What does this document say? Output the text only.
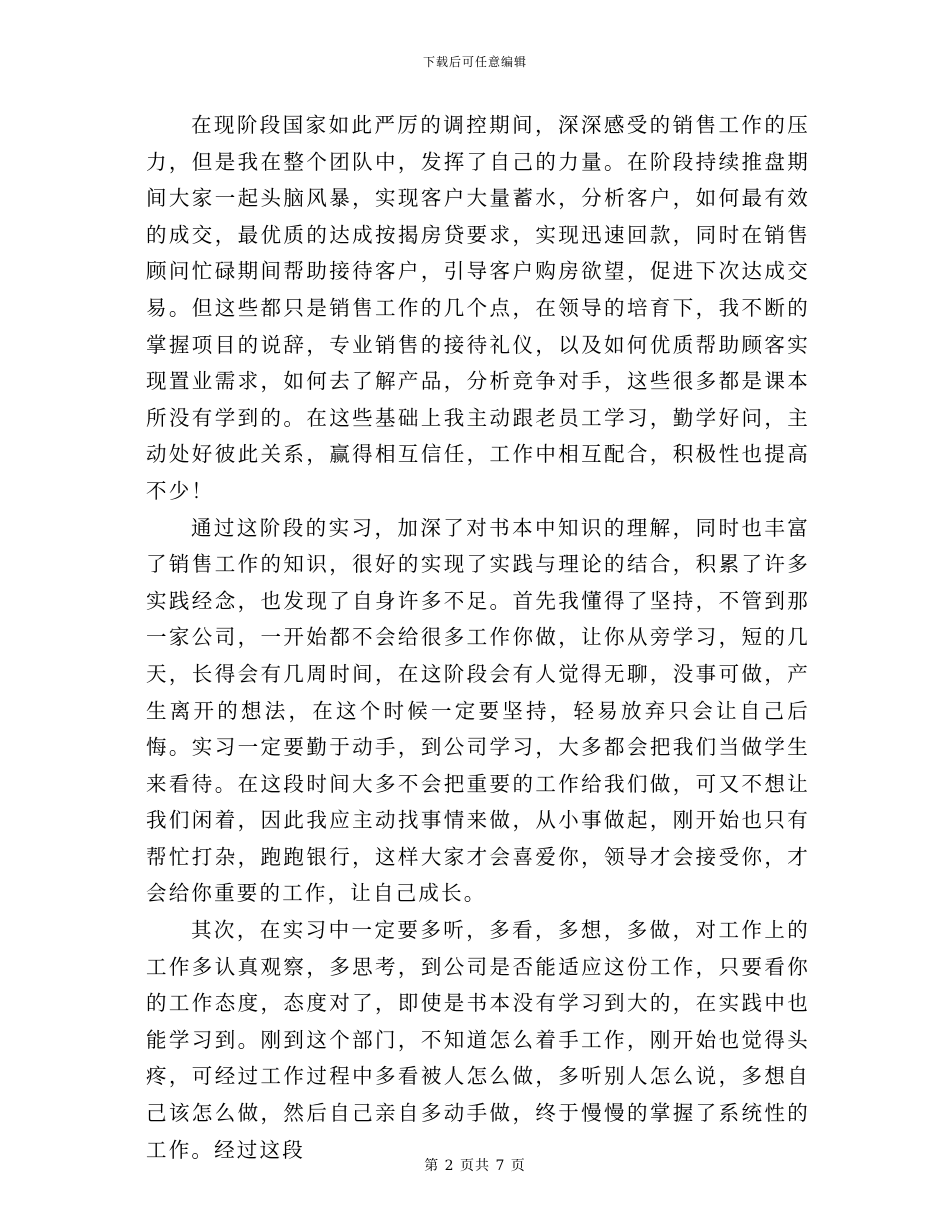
下载后可任意编辑

在现阶段国家如此严厉的调控期间，深深感受的销售工作的压力，但是我在整个团队中，发挥了自己的力量。在阶段持续推盘期间大家一起头脑风暴，实现客户大量蓄水，分析客户，如何最有效的成交，最优质的达成按揭房贷要求，实现迅速回款，同时在销售顾问忙碌期间帮助接待客户，引导客户购房欲望，促进下次达成交易。但这些都只是销售工作的几个点，在领导的培育下，我不断的掌握项目的说辞，专业销售的接待礼仪，以及如何优质帮助顾客实现置业需求，如何去了解产品，分析竞争对手，这些很多都是课本所没有学到的。在这些基础上我主动跟老员工学习，勤学好问，主动处好彼此关系，赢得相互信任，工作中相互配合，积极性也提高不少！

通过这阶段的实习，加深了对书本中知识的理解，同时也丰富了销售工作的知识，很好的实现了实践与理论的结合，积累了许多实践经念，也发现了自身许多不足。首先我懂得了坚持，不管到那一家公司，一开始都不会给很多工作你做，让你从旁学习，短的几天，长得会有几周时间，在这阶段会有人觉得无聊，没事可做，产生离开的想法，在这个时候一定要坚持，轻易放弃只会让自己后悔。实习一定要勤于动手，到公司学习，大多都会把我们当做学生来看待。在这段时间大多不会把重要的工作给我们做，可又不想让我们闲着，因此我应主动找事情来做，从小事做起，刚开始也只有帮忙打杂，跑跑银行，这样大家才会喜爱你，领导才会接受你，才会给你重要的工作，让自己成长。

其次，在实习中一定要多听，多看，多想，多做，对工作上的工作多认真观察，多思考，到公司是否能适应这份工作，只要看你的工作态度，态度对了，即使是书本没有学习到大的，在实践中也能学习到。刚到这个部门，不知道怎么着手工作，刚开始也觉得头疼，可经过工作过程中多看被人怎么做，多听别人怎么说，多想自己该怎么做，然后自己亲自多动手做，终于慢慢的掌握了系统性的工作。经过这段

第 2 页共 7 页
